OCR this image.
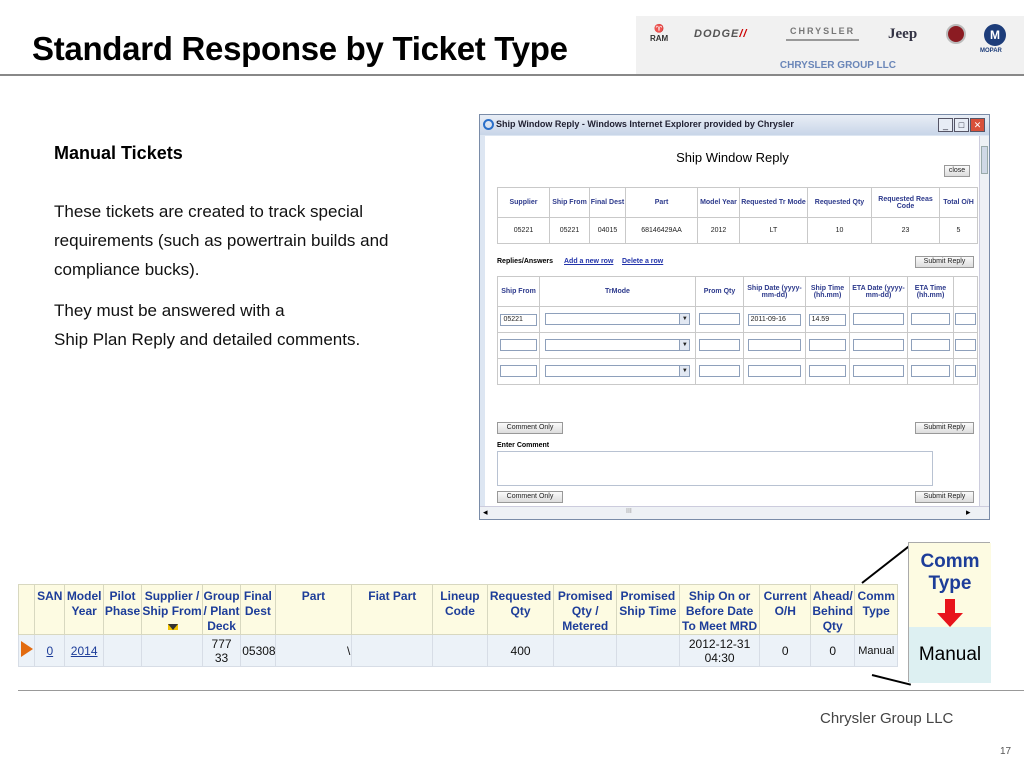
Standard Response by Ticket Type
♈
RAM DODGE//	CHRYSLER Jeep	M
MOPAR
CHRYSLER GROUP LLC
Manual Tickets
These tickets are created to track special requirements (such as powertrain builds and compliance bucks).
They must be answered with a
Ship Plan Reply and detailed comments.
Ship Window Reply - Windows Internet Explorer provided by Chrysler	_	□	✕
Ship Window Reply
close
Supplier	Ship From	Final Dest	Part	Model Year	Requested Tr Mode	Requested Qty	Requested Reas Code	Total O/H
05221	05221	04015	68146429AA	2012	LT	10	23	5
Replies/Answers Add a new row Delete a row	Submit Reply
Ship From	TrMode	Prom Qty	Ship Date (yyyy-mm-dd)	Ship Time (hh.mm)	ETA Date (yyyy-mm-dd)	ETA Time (hh.mm)	
05221	▼		2011-09-16	14.59			

	▼						

	▼						

Comment Only	Submit Reply
Enter Comment
Comment Only	Submit Reply
◂	III	▸
	SAN	Model Year	Pilot Phase	Supplier / Ship From	Group / Plant Deck	Final Dest	Part	Fiat Part	Lineup Code	Requested Qty	Promised Qty / Metered	Promised Ship Time	Ship On or Before Date To Meet MRD	Current O/H	Ahead/ Behind Qty	Comm Type
	0	2014			777 33	05308	\			400			2012-12-31 04:30	0	0	Manual
Comm Type
Manual
Chrysler Group LLC
17
